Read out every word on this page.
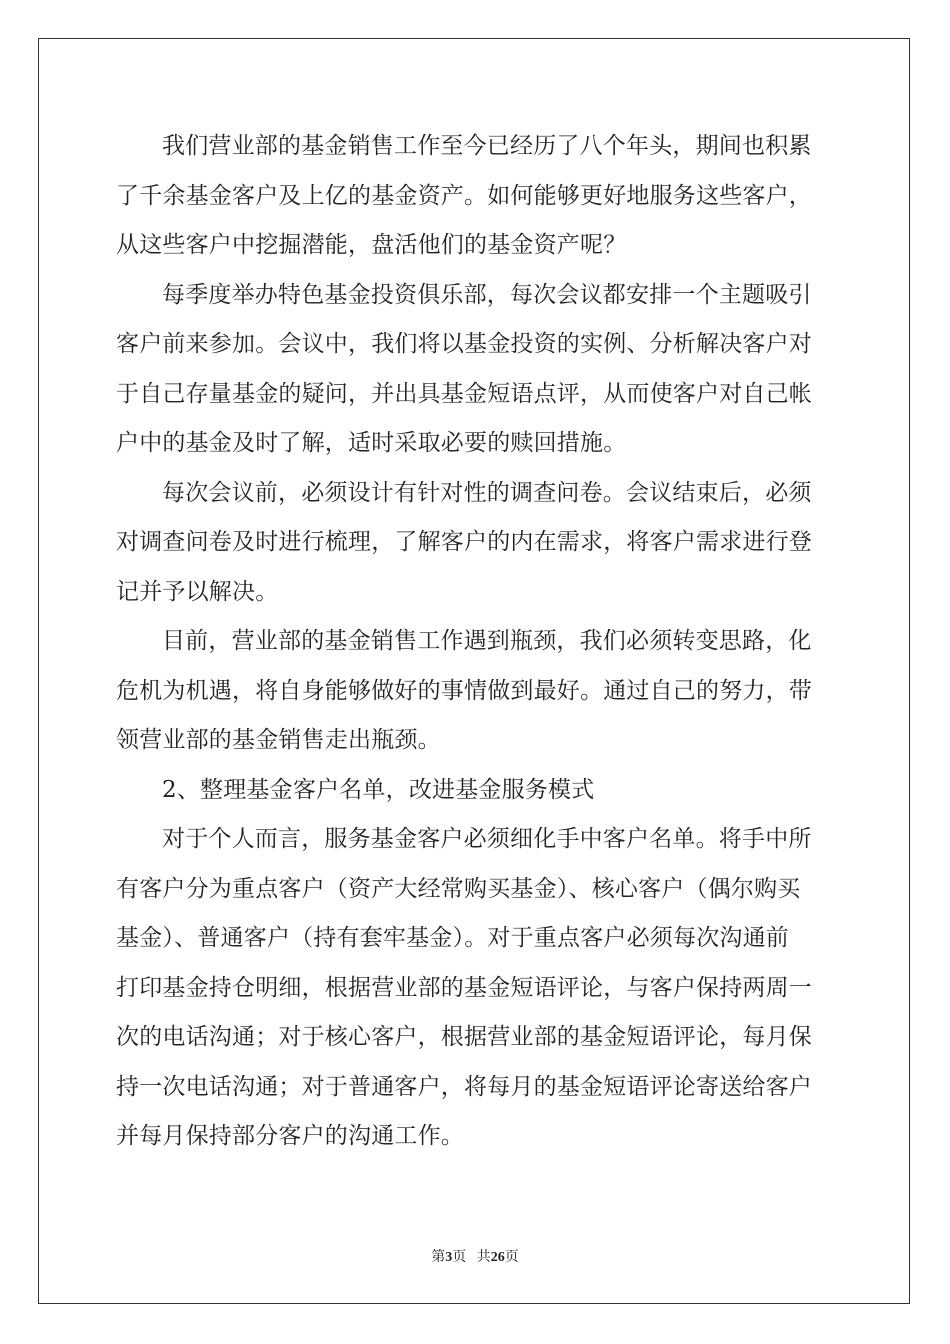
我们营业部的基金销售工作至今已经历了八个年头，期间也积累
了千余基金客户及上亿的基金资产。如何能够更好地服务这些客户，
从这些客户中挖掘潜能，盘活他们的基金资产呢？

每季度举办特色基金投资俱乐部，每次会议都安排一个主题吸引
客户前来参加。会议中，我们将以基金投资的实例、分析解决客户对
于自己存量基金的疑问，并出具基金短语点评，从而使客户对自己帐
户中的基金及时了解，适时采取必要的赎回措施。

每次会议前，必须设计有针对性的调查问卷。会议结束后，必须
对调查问卷及时进行梳理，了解客户的内在需求，将客户需求进行登
记并予以解决。

目前，营业部的基金销售工作遇到瓶颈，我们必须转变思路，化
危机为机遇，将自身能够做好的事情做到最好。通过自己的努力，带
领营业部的基金销售走出瓶颈。

2、整理基金客户名单，改进基金服务模式

对于个人而言，服务基金客户必须细化手中客户名单。将手中所
有客户分为重点客户（资产大经常购买基金）、核心客户（偶尔购买
基金）、普通客户（持有套牢基金）。对于重点客户必须每次沟通前
打印基金持仓明细，根据营业部的基金短语评论，与客户保持两周一
次的电话沟通；对于核心客户，根据营业部的基金短语评论，每月保
持一次电话沟通；对于普通客户，将每月的基金短语评论寄送给客户
并每月保持部分客户的沟通工作。

第3页 共26页
